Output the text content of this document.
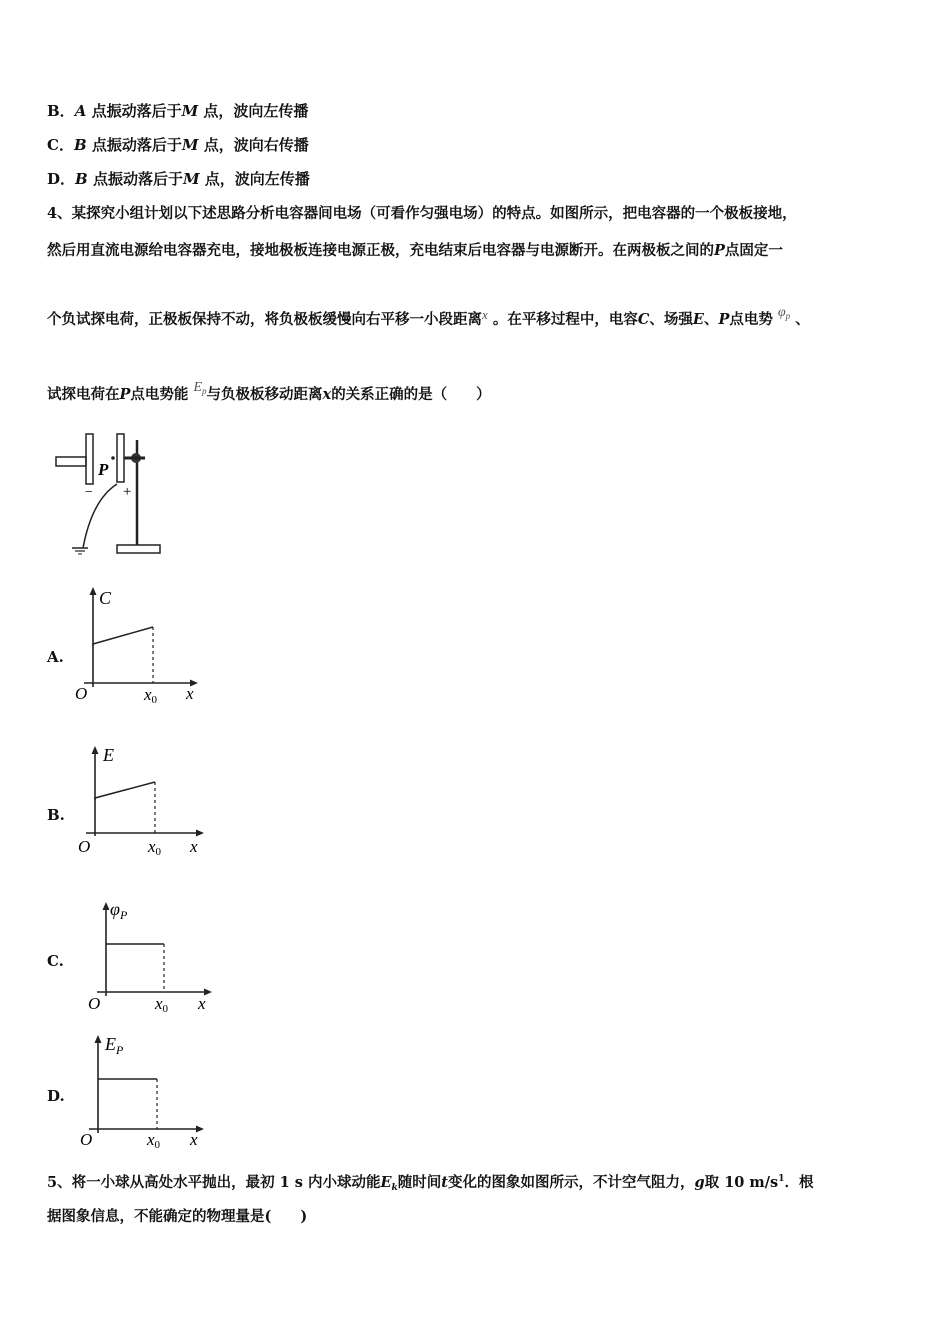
B．A 点振动落后于M 点，波向左传播
C．B 点振动落后于M 点，波向右传播
D．B 点振动落后于M 点，波向左传播
4、某探究小组计划以下述思路分析电容器间电场（可看作匀强电场）的特点。如图所示，把电容器的一个极板接地，
然后用直流电源给电容器充电，接地极板连接电源正极，充电结束后电容器与电源断开。在两极板之间的P点固定一
个负试探电荷，正极板保持不动，将负极板缓慢向右平移一小段距离x 。在平移过程中，电容C、场强E、P点电势 $\varphi_p$ 、
试探电荷在P点电势能 $E_p$与负极板移动距离x的关系正确的是（　　）
P
− +
A.
C
O	x0 x
B.
E
O	x0 x
C.
$\varphi_P$
O	x0 x
D.
$E_P$
O	x0 x
5、将一小球从高处水平抛出，最初 1 s 内小球动能$E_k$随时间t变化的图象如图所示，不计空气阻力，g取 10 $m/s^1$．根
据图象信息，不能确定的物理量是(　　)
